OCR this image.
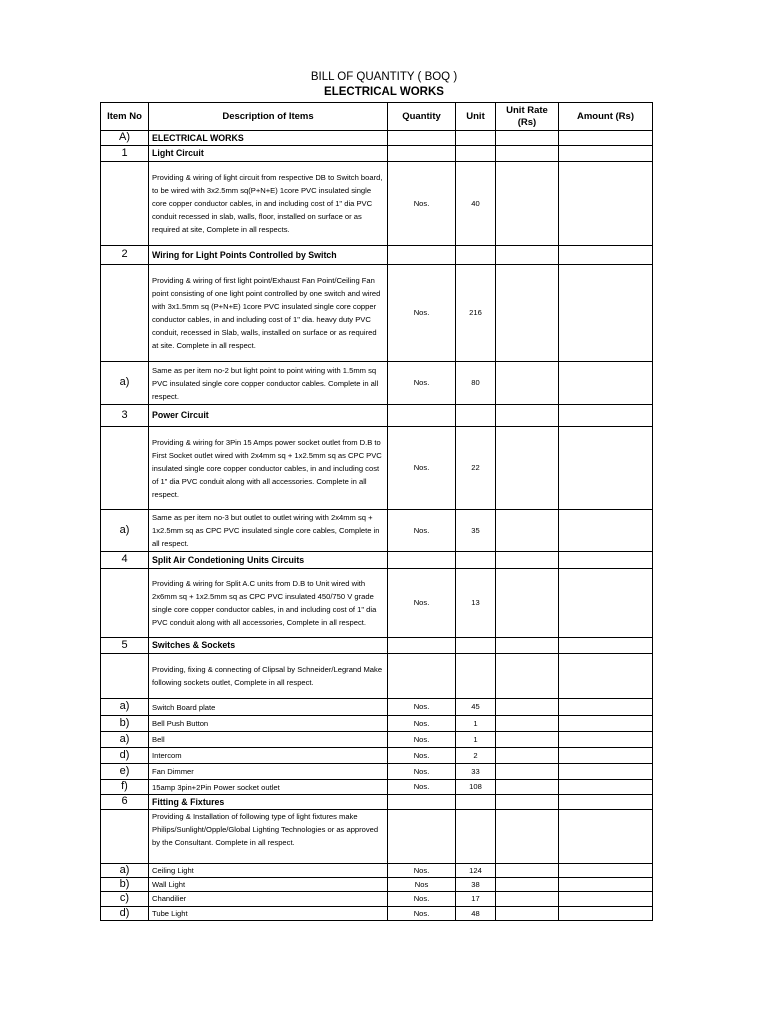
BILL OF QUANTITY ( BOQ )
ELECTRICAL WORKS
Item No	Description of Items	Quantity	Unit	Unit Rate (Rs)	Amount (Rs)
A)	ELECTRICAL WORKS				
1	Light Circuit				
	Providing & wiring of light circuit from respective DB to Switch board, to be wired with 3x2.5mm sq(P+N+E) 1core PVC insulated single core copper conductor cables, in and including cost of 1" dia PVC conduit recessed in slab, walls, floor, installed on surface or as required at site, Complete in all respects.	Nos.	40		
2	Wiring for Light Points Controlled by Switch				
	Providing & wiring of first light point/Exhaust Fan Point/Ceiling Fan point consisting of one light point controlled by one switch and wired with 3x1.5mm sq (P+N+E) 1core PVC insulated single core copper conductor cables, in and including cost of 1" dia. heavy duty PVC conduit, recessed in Slab, walls, installed on surface or as required at site. Complete in all respect.	Nos.	216		
a)	Same as per item no-2 but light point to point wiring with 1.5mm sq PVC insulated single core copper conductor cables. Complete in all respect.	Nos.	80		
3	Power Circuit				
	Providing & wiring for 3Pin 15 Amps power socket outlet from D.B to First Socket outlet wired with 2x4mm sq + 1x2.5mm sq as CPC PVC insulated single core copper conductor cables, in and including cost of 1" dia PVC conduit along with all accessories. Complete in all respect.	Nos.	22		
a)	Same as per item no-3 but outlet to outlet wiring with 2x4mm sq + 1x2.5mm sq as CPC PVC insulated single core cables, Complete in all respect.	Nos.	35		
4	Split Air Condetioning Units Circuits				
	Providing & wiring for Split A.C units from D.B to Unit wired with 2x6mm sq + 1x2.5mm sq as CPC PVC insulated 450/750 V grade single core copper conductor cables, in and including cost of 1" dia PVC conduit along with all accessories, Complete in all respect.	Nos.	13		
5	Switches & Sockets				
	Providing, fixing & connecting of Clipsal by Schneider/Legrand Make following sockets outlet, Complete in all respect.				
a)	Switch Board plate	Nos.	45		
b)	Bell Push Button	Nos.	1		
a)	Bell	Nos.	1		
d)	Intercom	Nos.	2		
e)	Fan Dimmer	Nos.	33		
f)	15amp 3pin+2Pin Power socket outlet	Nos.	108		
6	Fitting & Fixtures				
	Providing & Installation of following type of light fixtures make Philips/Sunlight/Opple/Global Lighting Technologies or as approved by the Consultant. Complete in all respect.				
a)	Ceiling Light	Nos.	124		
b)	Wall Light	Nos	38		
c)	Chandilier	Nos.	17		
d)	Tube Light	Nos.	48		
